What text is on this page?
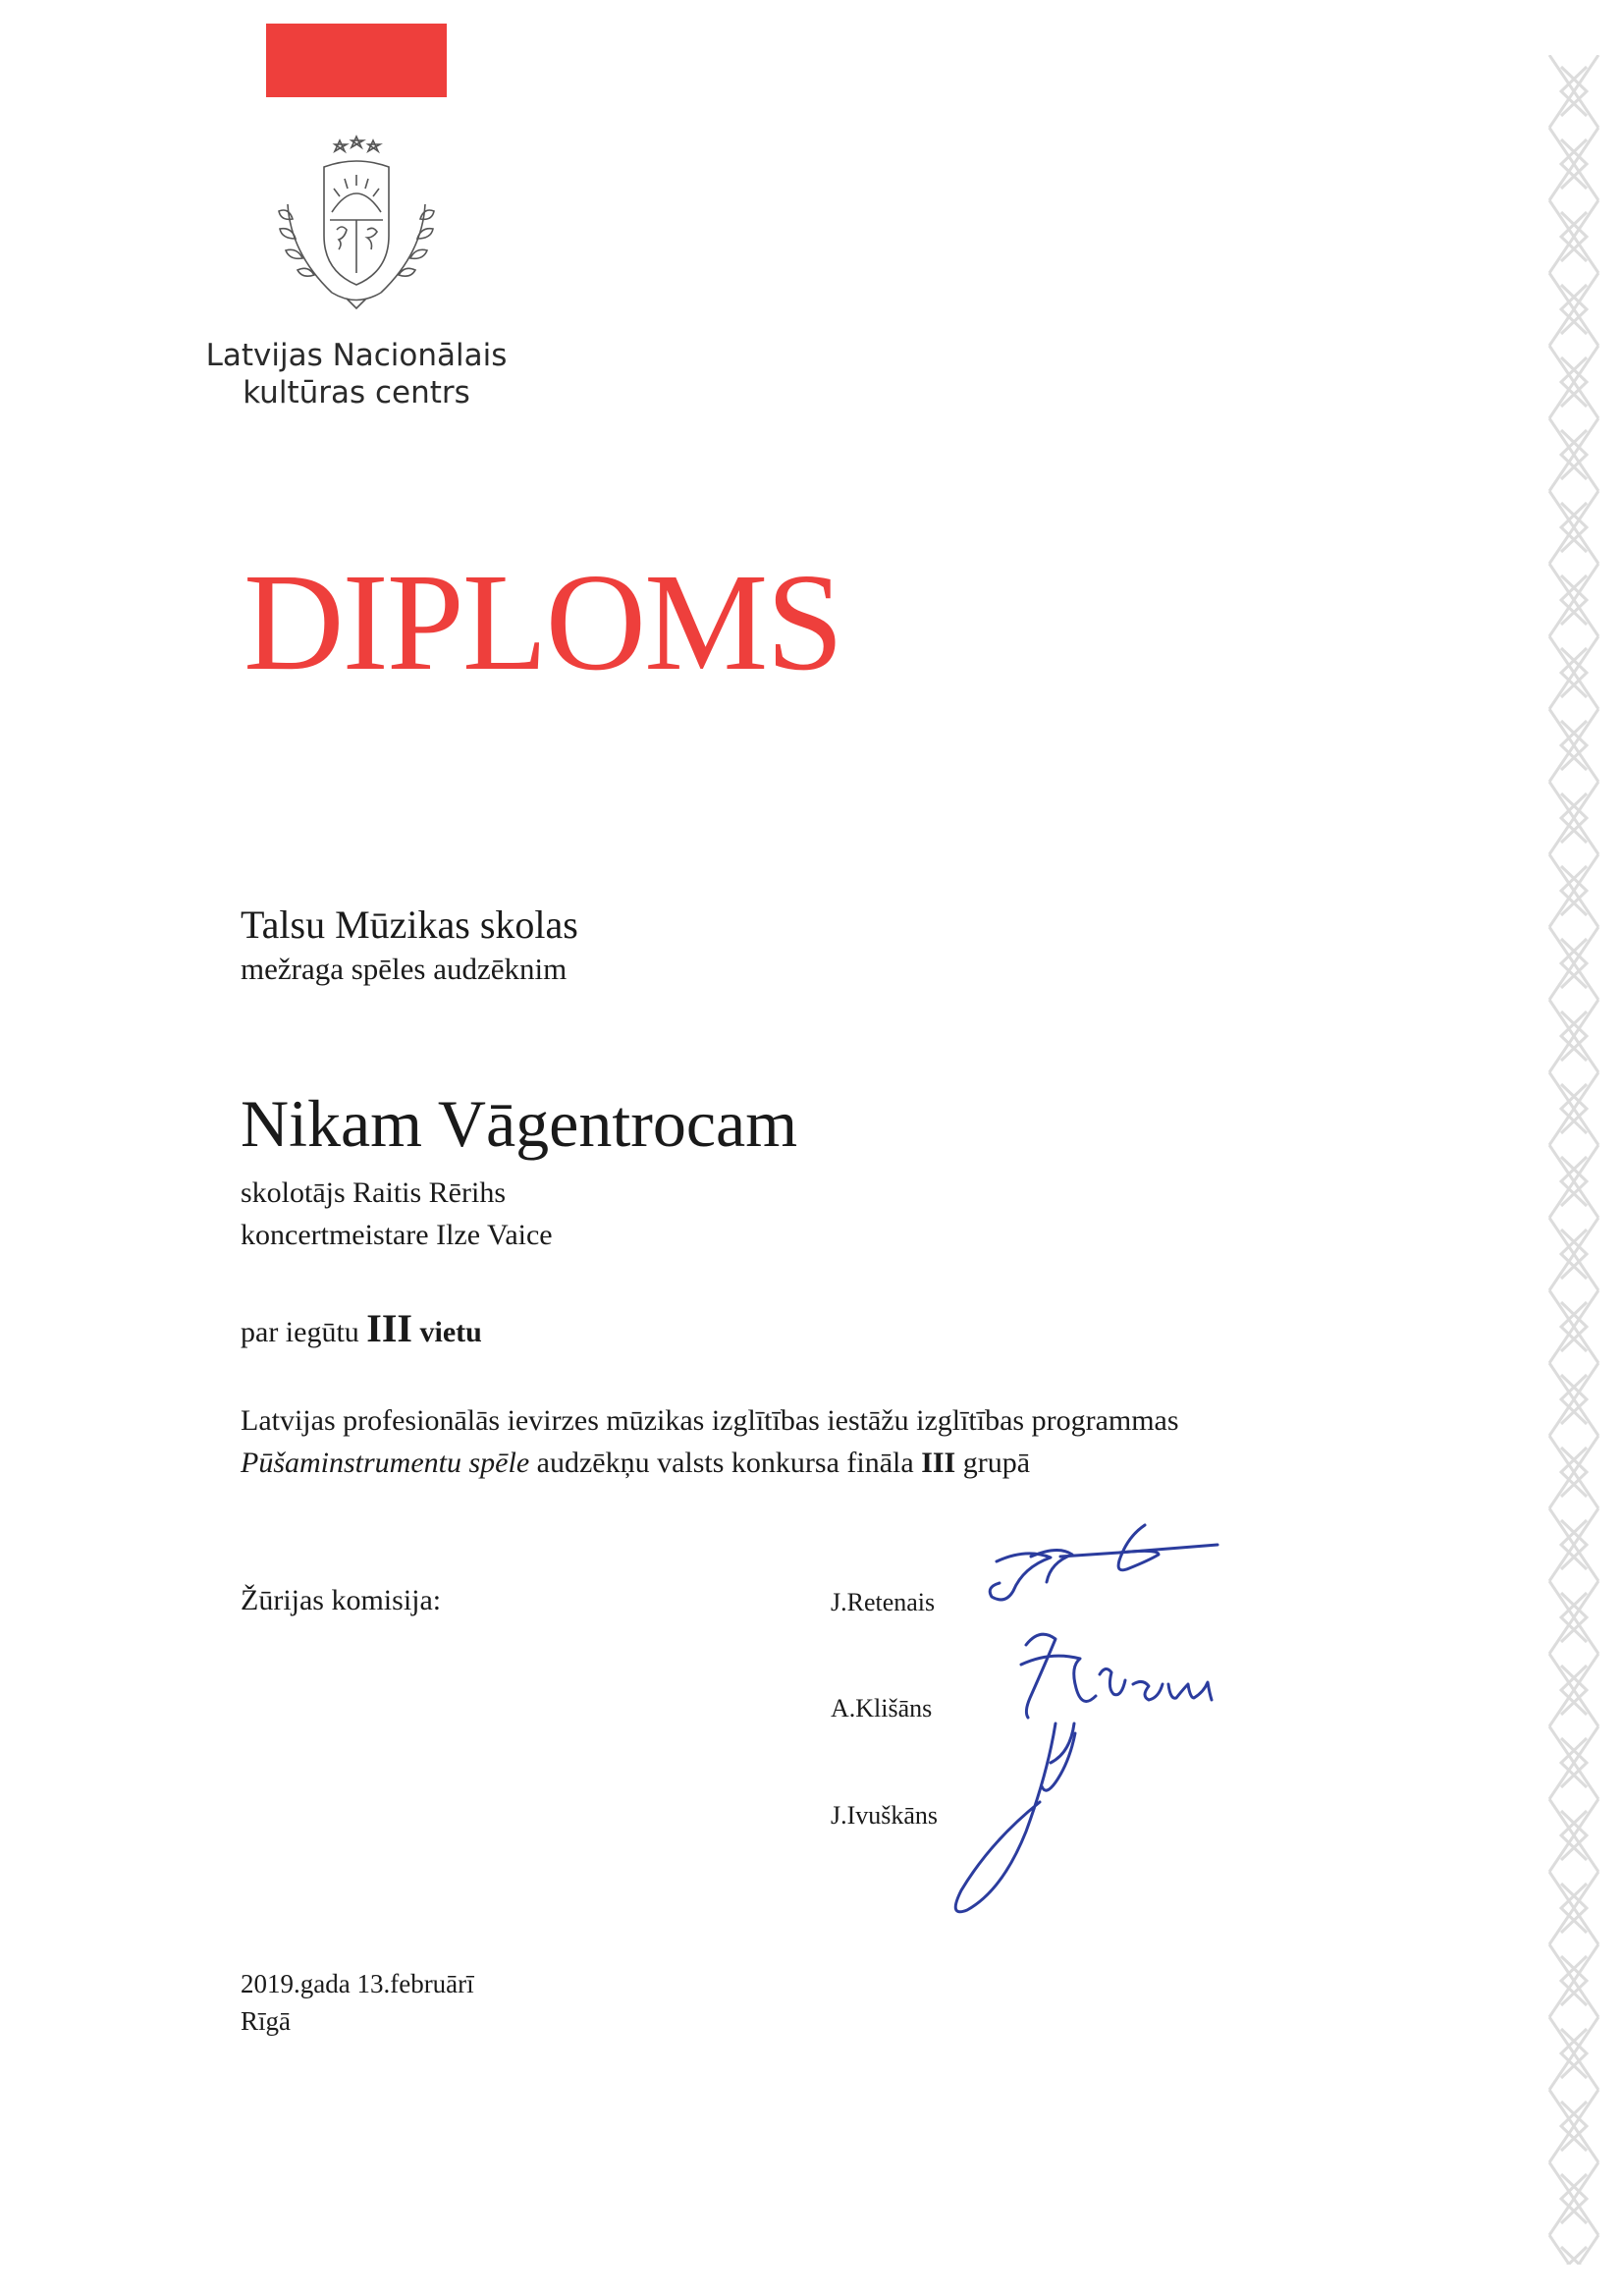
Latvijas Nacionālais
kultūras centrs
DIPLOMS
Talsu Mūzikas skolas
mežraga spēles audzēknim
Nikam Vāgentrocam
skolotājs Raitis Rērihs
koncertmeistare Ilze Vaice
par iegūtu III vietu
Latvijas profesionālās ievirzes mūzikas izglītības iestāžu izglītības programmas
Pūšaminstrumentu spēle audzēkņu valsts konkursa fināla III grupā
Žūrijas komisija:	J.Retenais
A.Klišāns
J.Ivuškāns
2019.gada 13.februārī
Rīgā
